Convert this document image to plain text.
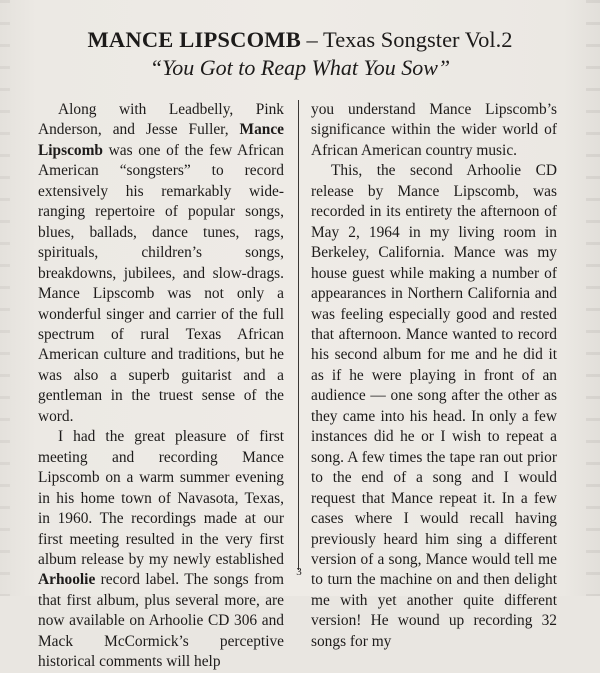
MANCE LIPSCOMB – Texas Songster Vol.2
“You Got to Reap What You Sow”

Along with Leadbelly, Pink Anderson, and Jesse Fuller, Mance Lipscomb was one of the few African American “songsters” to record extensively his remarkably wide-ranging repertoire of popular songs, blues, ballads, dance tunes, rags, spirituals, children’s songs, breakdowns, jubilees, and slow-drags. Mance Lipscomb was not only a wonderful singer and carrier of the full spectrum of rural Texas African American culture and traditions, but he was also a superb guitarist and a gentleman in the truest sense of the word.

I had the great pleasure of first meeting and recording Mance Lipscomb on a warm summer evening in his home town of Navasota, Texas, in 1960. The recordings made at our first meeting resulted in the very first album release by my newly established Arhoolie record label. The songs from that first album, plus several more, are now available on Arhoolie CD 306 and Mack McCormick’s perceptive historical comments will help

you understand Mance Lipscomb’s significance within the wider world of African American country music.

This, the second Arhoolie CD release by Mance Lipscomb, was recorded in its entirety the afternoon of May 2, 1964 in my living room in Berkeley, California. Mance was my house guest while making a number of appearances in Northern California and was feeling especially good and rested that afternoon. Mance wanted to record his second album for me and he did it as if he were playing in front of an audience — one song after the other as they came into his head. In only a few instances did he or I wish to repeat a song. A few times the tape ran out prior to the end of a song and I would request that Mance repeat it. In a few cases where I would recall having previously heard him sing a different version of a song, Mance would tell me to turn the machine on and then delight me with yet another quite different version! He wound up recording 32 songs for my

3
